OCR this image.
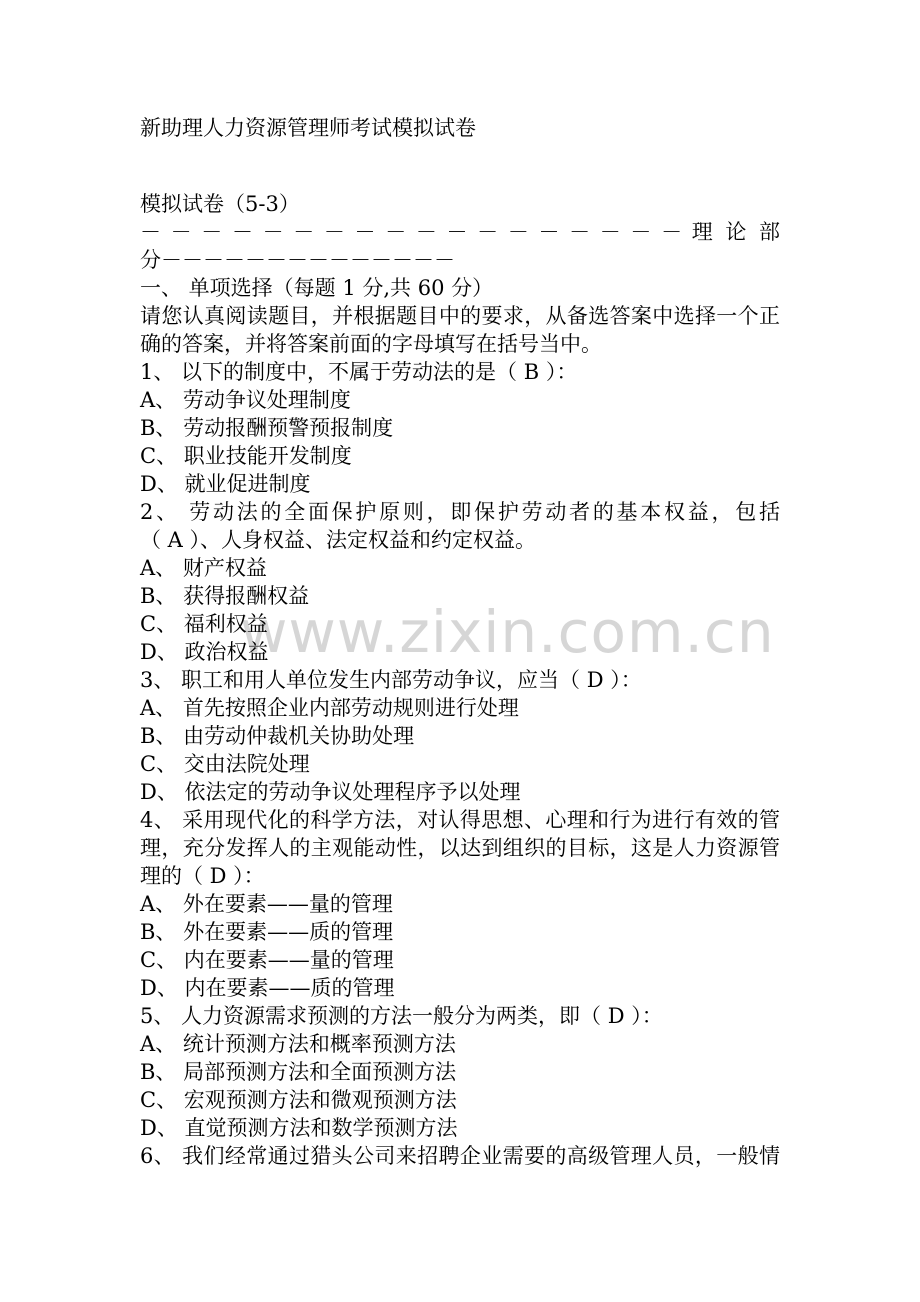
www.zixin.com.cn
新助理人力资源管理师考试模拟试卷
模拟试卷（5-3）
－ － － － － － － － － － － － － － － － － － 理 论 部
分－－－－－－－－－－－－－－
一、 单项选择（每题 1 分,共 60 分）
请您认真阅读题目，并根据题目中的要求，从备选答案中选择一个正
确的答案，并将答案前面的字母填写在括号当中。
1、 以下的制度中，不属于劳动法的是（ B ）：
A、 劳动争议处理制度
B、 劳动报酬预警预报制度
C、 职业技能开发制度
D、 就业促进制度
2、 劳动法的全面保护原则，即保护劳动者的基本权益，包括
（ A ）、人身权益、法定权益和约定权益。
A、 财产权益
B、 获得报酬权益
C、 福利权益
D、 政治权益
3、 职工和用人单位发生内部劳动争议，应当（ D ）：
A、 首先按照企业内部劳动规则进行处理
B、 由劳动仲裁机关协助处理
C、 交由法院处理
D、 依法定的劳动争议处理程序予以处理
4、 采用现代化的科学方法，对认得思想、心理和行为进行有效的管
理，充分发挥人的主观能动性，以达到组织的目标，这是人力资源管
理的（ D ）：
A、 外在要素——量的管理
B、 外在要素——质的管理
C、 内在要素——量的管理
D、 内在要素——质的管理
5、 人力资源需求预测的方法一般分为两类，即（ D ）：
A、 统计预测方法和概率预测方法
B、 局部预测方法和全面预测方法
C、 宏观预测方法和微观预测方法
D、 直觉预测方法和数学预测方法
6、 我们经常通过猎头公司来招聘企业需要的高级管理人员，一般情
